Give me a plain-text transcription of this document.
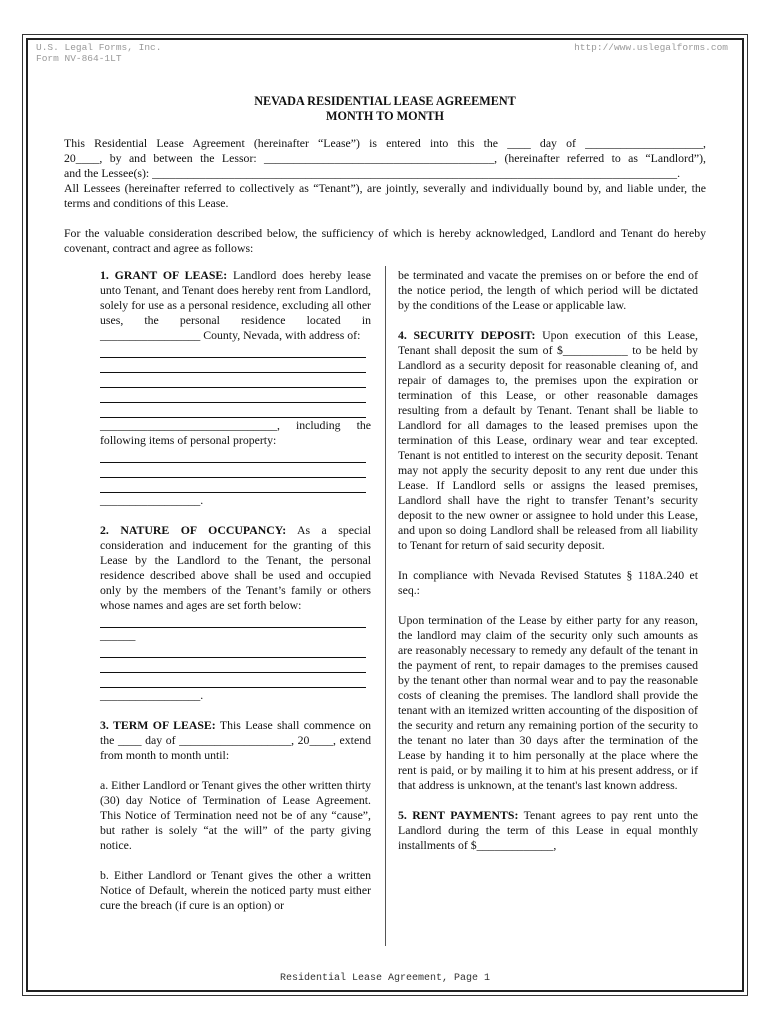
U.S. Legal Forms, Inc.
Form NV-864-1LT
http://www.uslegalforms.com
NEVADA RESIDENTIAL LEASE AGREEMENT
MONTH TO MONTH

This Residential Lease Agreement (hereinafter “Lease”) is entered into this the ____ day of ____________________,

20____, by and between the Lessor: _______________________________________, (hereinafter referred to as “Landlord”),

and the Lessee(s): _________________________________________________________________________________________.

All Lessees (hereinafter referred to collectively as “Tenant”), are jointly, severally and individually bound by, and liable under, the terms and conditions of this Lease.

For the valuable consideration described below, the sufficiency of which is hereby acknowledged, Landlord and Tenant do hereby covenant, contract and agree as follows:

1. GRANT OF LEASE: Landlord does hereby lease unto Tenant, and Tenant does hereby rent from Landlord, solely for use as a personal residence, excluding all other uses, the personal residence located in _________________ County, Nevada, with address of:

______________________________, including the following items of personal property:

_________________.

2. NATURE OF OCCUPANCY: As a special consideration and inducement for the granting of this Lease by the Landlord to the Tenant, the personal residence described above shall be used and occupied only by the members of the Tenant’s family or others whose names and ages are set forth below:

______

_________________.

3. TERM OF LEASE: This Lease shall commence on the ____ day of ___________________, 20____, extend from month to month until:

a. Either Landlord or Tenant gives the other written thirty (30) day Notice of Termination of Lease Agreement. This Notice of Termination need not be of any “cause”, but rather is solely “at the will” of the party giving notice.

b. Either Landlord or Tenant gives the other a written Notice of Default, wherein the noticed party must either cure the breach (if cure is an option) or

be terminated and vacate the premises on or before the end of the notice period, the length of which period will be dictated by the conditions of the Lease or applicable law.

4. SECURITY DEPOSIT: Upon execution of this Lease, Tenant shall deposit the sum of $___________ to be held by Landlord as a security deposit for reasonable cleaning of, and repair of damages to, the premises upon the expiration or termination of this Lease, or other reasonable damages resulting from a default by Tenant. Tenant shall be liable to Landlord for all damages to the leased premises upon the termination of this Lease, ordinary wear and tear excepted. Tenant is not entitled to interest on the security deposit. Tenant may not apply the security deposit to any rent due under this Lease. If Landlord sells or assigns the leased premises, Landlord shall have the right to transfer Tenant’s security deposit to the new owner or assignee to hold under this Lease, and upon so doing Landlord shall be released from all liability to Tenant for return of said security deposit.

In compliance with Nevada Revised Statutes § 118A.240 et seq.:

Upon termination of the Lease by either party for any reason, the landlord may claim of the security only such amounts as are reasonably necessary to remedy any default of the tenant in the payment of rent, to repair damages to the premises caused by the tenant other than normal wear and to pay the reasonable costs of cleaning the premises. The landlord shall provide the tenant with an itemized written accounting of the disposition of the security and return any remaining portion of the security to the tenant no later than 30 days after the termination of the Lease by handing it to him personally at the place where the rent is paid, or by mailing it to him at his present address, or if that address is unknown, at the tenant's last known address.

5. RENT PAYMENTS: Tenant agrees to pay rent unto the Landlord during the term of this Lease in equal monthly installments of $_____________,

Residential Lease Agreement, Page 1
